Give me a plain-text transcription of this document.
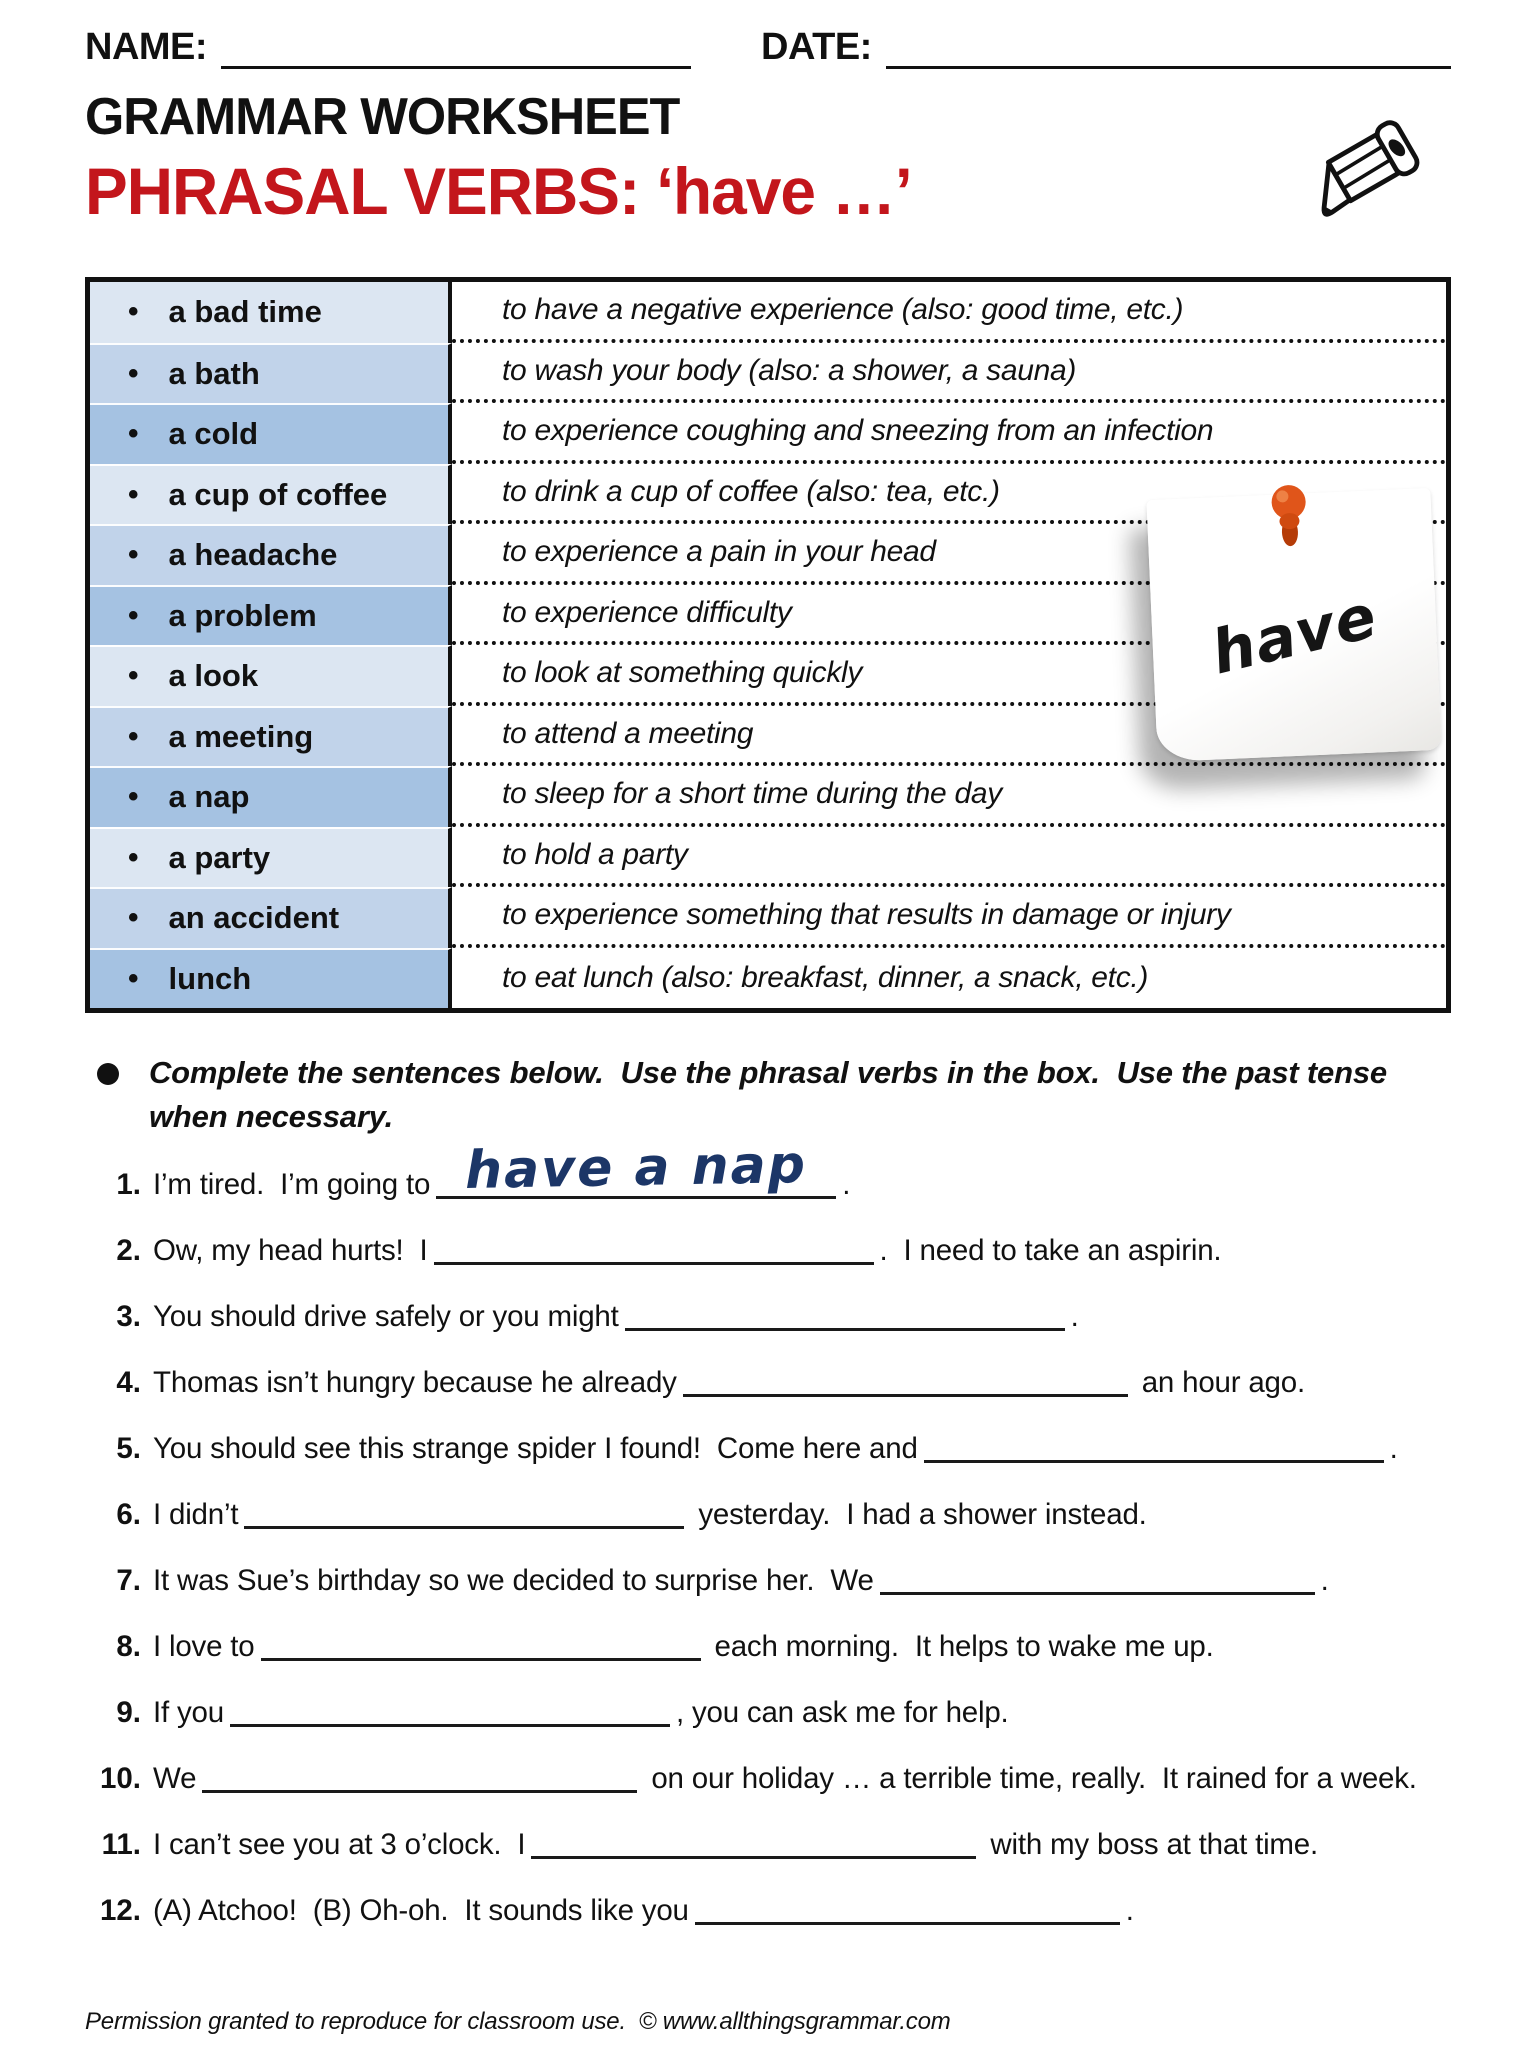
NAME:	DATE:
GRAMMAR WORKSHEET
PHRASAL VERBS: ‘have …’
• a bad time	to have a negative experience (also: good time, etc.)
• a bath	to wash your body (also: a shower, a sauna)
• a cold	to experience coughing and sneezing from an infection
• a cup of coffee	to drink a cup of coffee (also: tea, etc.)
• a headache	to experience a pain in your head
• a problem	to experience difficulty
• a look	to look at something quickly
• a meeting	to attend a meeting
• a nap	to sleep for a short time during the day
• a party	to hold a party
• an accident	to experience something that results in damage or injury
• lunch	to eat lunch (also: breakfast, dinner, a snack, etc.)
have
Complete the sentences below.  Use the phrasal verbs in the box.  Use the past tense when necessary.
1. I’m tired.  I’m going to have a nap .
2. Ow, my head hurts!  I	.  I need to take an aspirin.
3. You should drive safely or you might	.
4. Thomas isn’t hungry because he already	an hour ago.
5. You should see this strange spider I found!  Come here and	.
6. I didn’t	yesterday.  I had a shower instead.
7. It was Sue’s birthday so we decided to surprise her.  We	.
8. I love to	each morning.  It helps to wake me up.
9. If you	, you can ask me for help.
10. We	on our holiday … a terrible time, really.  It rained for a week.
11. I can’t see you at 3 o’clock.  I	with my boss at that time.
12. (A) Atchoo!  (B) Oh-oh.  It sounds like you	.
Permission granted to reproduce for classroom use.  © www.allthingsgrammar.com
